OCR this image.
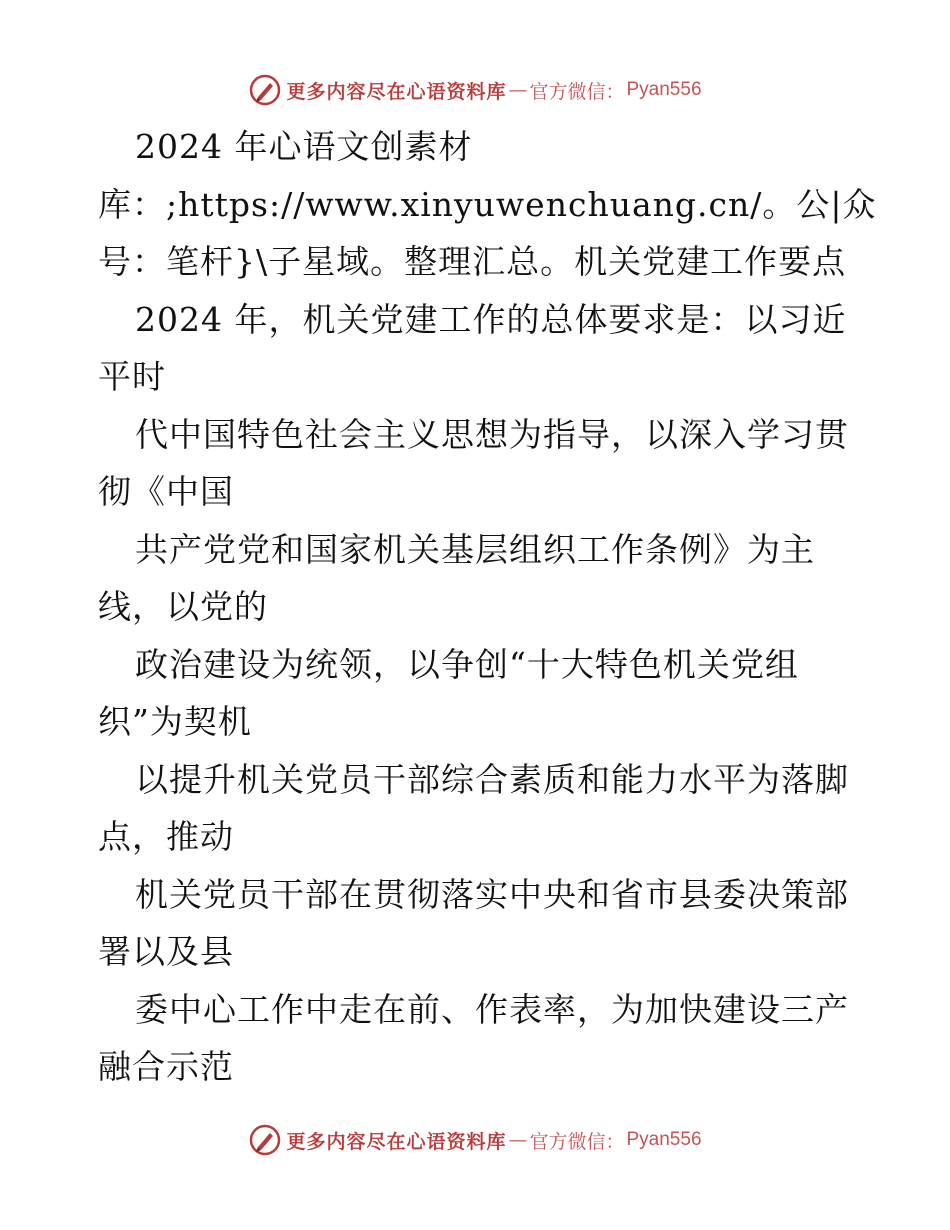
更多内容尽在心语资料库 — 官方微信： Pyan556
2024 年心语文创素材
库：;https://www.xinyuwenchuang.cn/。公|众
号：笔杆}\子星域。整理汇总。机关党建工作要点
2024 年，机关党建工作的总体要求是：以习近
平时
代中国特色社会主义思想为指导，以深入学习贯
彻《中国
共产党党和国家机关基层组织工作条例》为主
线，以党的
政治建设为统领，以争创“十大特色机关党组
织”为契机
以提升机关党员干部综合素质和能力水平为落脚
点，推动
机关党员干部在贯彻落实中央和省市县委决策部
署以及县
委中心工作中走在前、作表率，为加快建设三产
融合示范
更多内容尽在心语资料库 — 官方微信： Pyan556
